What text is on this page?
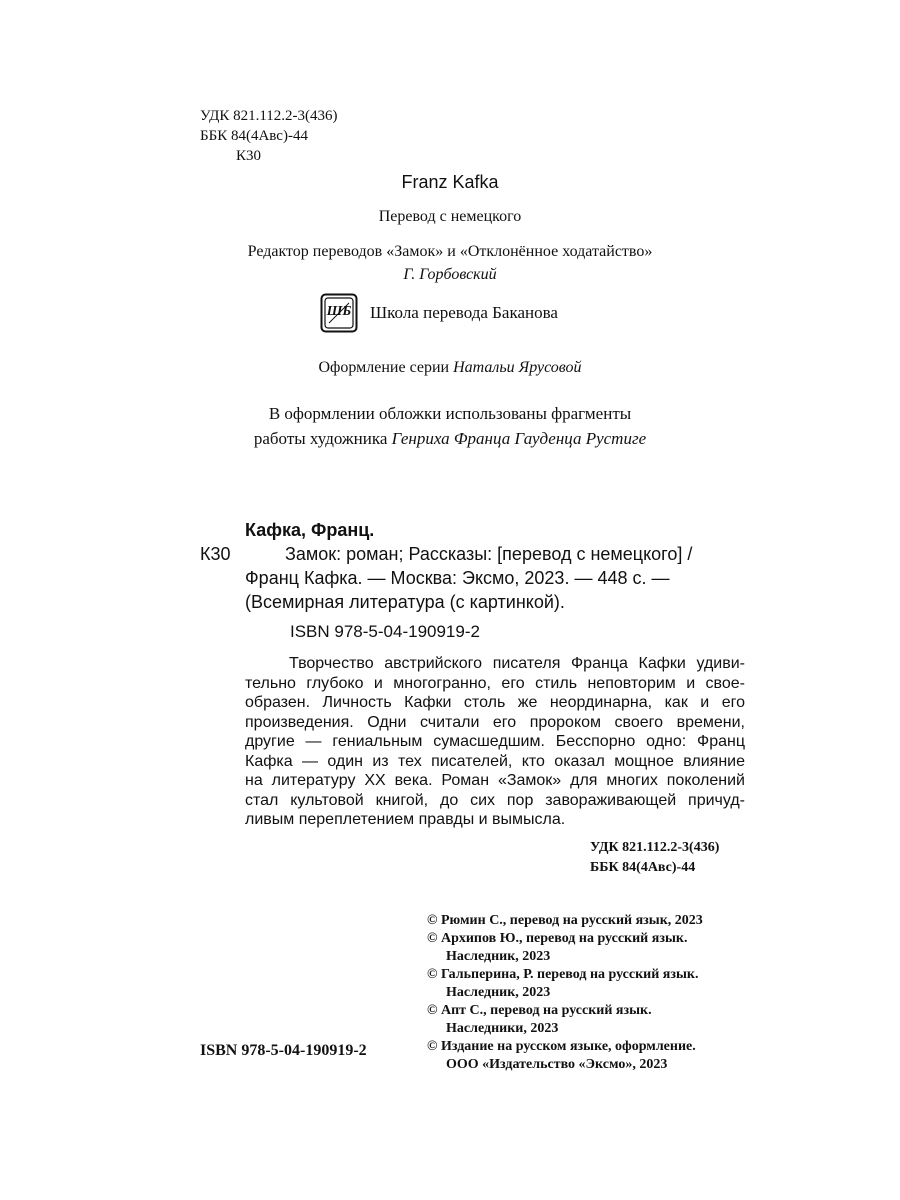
УДК 821.112.2-3(436)
ББК 84(4Авс)-44
К30
Franz Kafka
Перевод с немецкого
Редактор переводов «Замок» и «Отклонённое ходатайство»
Г. Горбовский
ШБ	Школа перевода Баканова
Оформление серии Натальи Ярусовой
В оформлении обложки использованы фрагменты
работы художника Генриха Франца Гауденца Рустиге
Кафка, Франц.
К30	Замок: роман; Рассказы: [перевод с немецкого] /
Франц Кафка. — Москва: Эксмо, 2023. — 448 с. —
(Всемирная литература (с картинкой).
ISBN 978-5-04-190919-2
Творчество австрийского писателя Франца Кафки удиви-
тельно глубоко и многогранно, его стиль неповторим и свое-
образен. Личность Кафки столь же неординарна, как и его
произведения. Одни считали его пророком своего времени,
другие — гениальным сумасшедшим. Бесспорно одно: Франц
Кафка — один из тех писателей, кто оказал мощное влияние
на литературу XX века. Роман «Замок» для многих поколений
стал культовой книгой, до сих пор завораживающей причуд-
ливым переплетением правды и вымысла.
УДК 821.112.2-3(436)
ББК 84(4Авс)-44
© Рюмин С., перевод на русский язык, 2023
© Архипов Ю., перевод на русский язык.
Наследник, 2023
© Гальперина, Р. перевод на русский язык.
Наследник, 2023
© Апт С., перевод на русский язык.
Наследники, 2023
© Издание на русском языке, оформление.
ООО «Издательство «Эксмо», 2023
ISBN 978-5-04-190919-2
